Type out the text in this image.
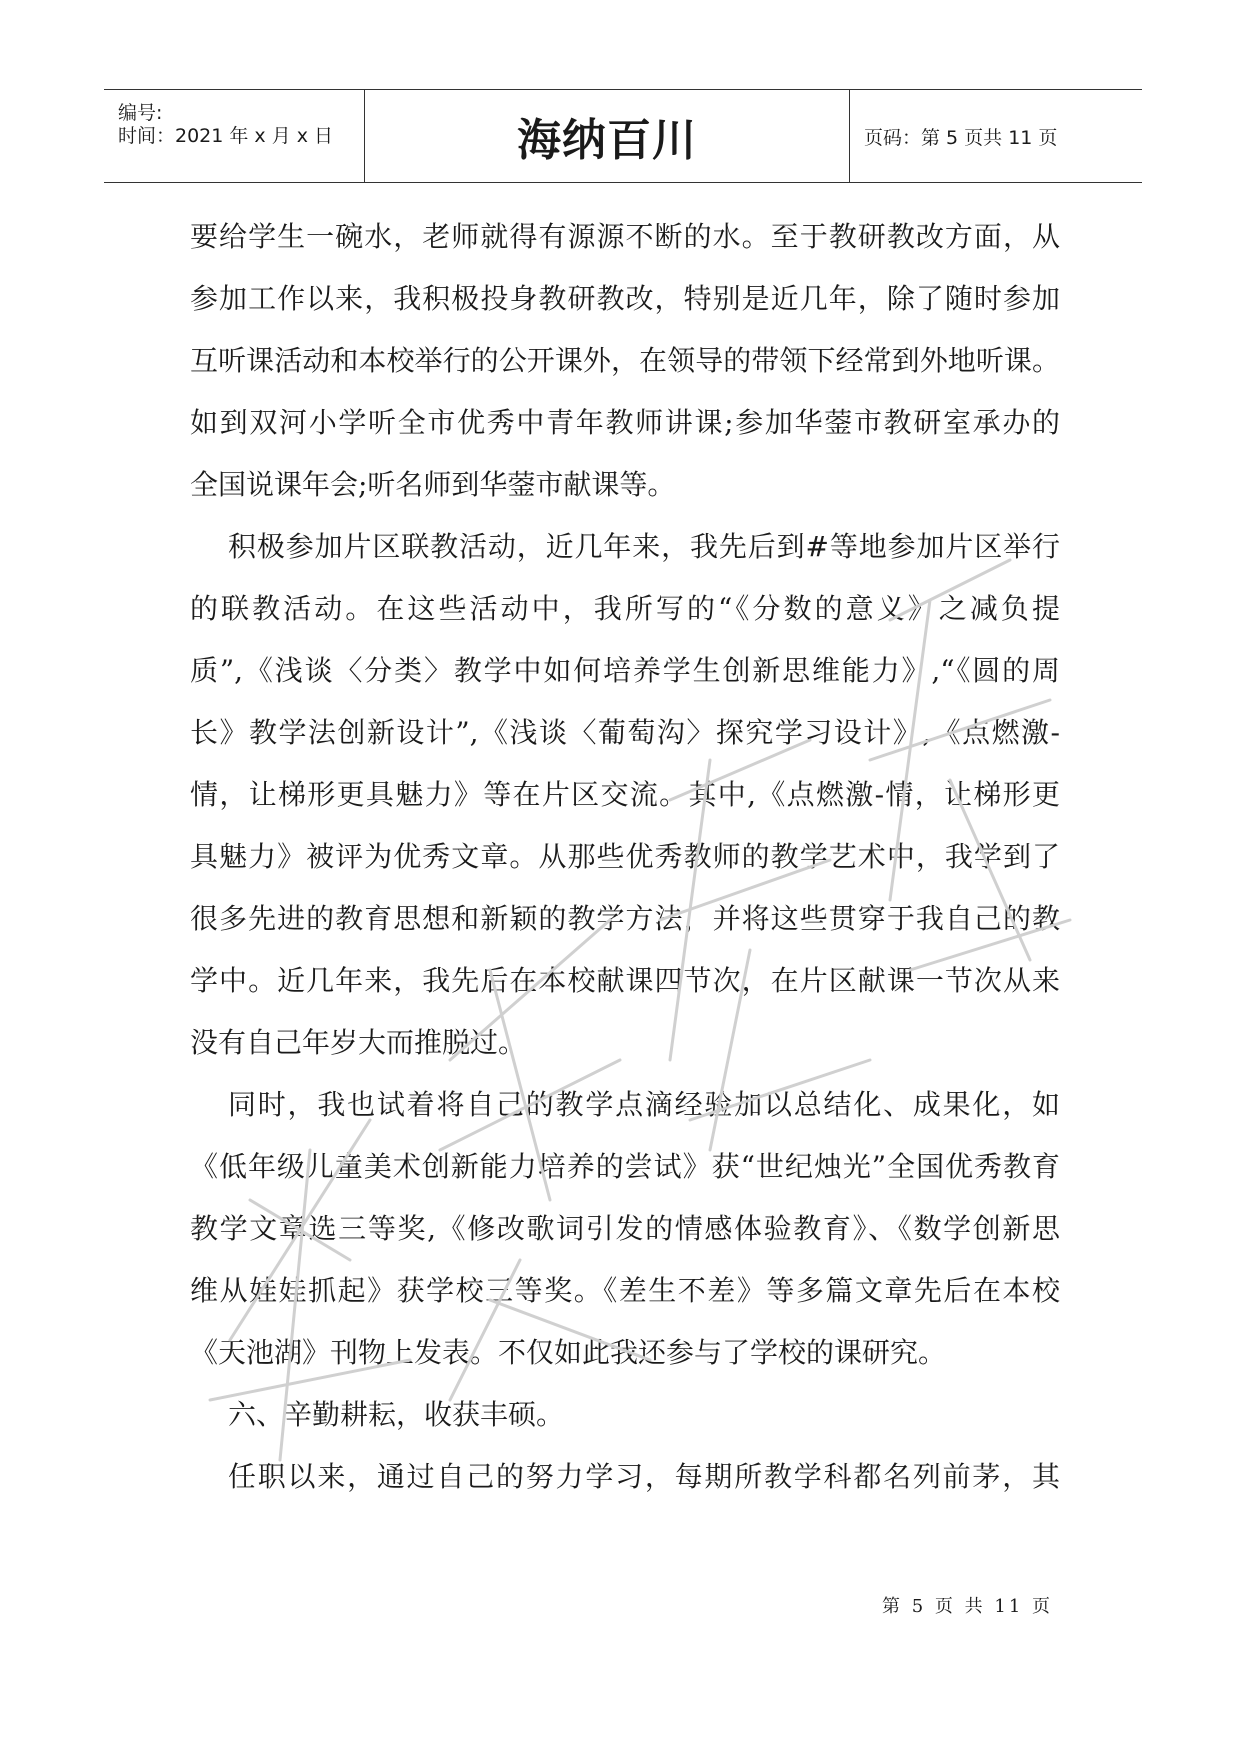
编号:
时间：2021 年 x 月 x 日	海纳百川	页码：第 5 页共 11 页
要给学生一碗水，老师就得有源源不断的水。至于教研教改方面，从
参加工作以来，我积极投身教研教改，特别是近几年，除了随时参加
互听课活动和本校举行的公开课外，在领导的带领下经常到外地听课。
如到双河小学听全市优秀中青年教师讲课;参加华蓥市教研室承办的
全国说课年会;听名师到华蓥市献课等。
积极参加片区联教活动，近几年来，我先后到#等地参加片区举行
的联教活动。在这些活动中，我所写的“《分数的意义》之减负提
质”,《浅谈〈分类〉教学中如何培养学生创新思维能力》,“《圆的周
长》教学法创新设计”,《浅谈〈葡萄沟〉探究学习设计》,《点燃激-
情，让梯形更具魅力》等在片区交流。其中,《点燃激-情，让梯形更
具魅力》被评为优秀文章。从那些优秀教师的教学艺术中，我学到了
很多先进的教育思想和新颖的教学方法，并将这些贯穿于我自己的教
学中。近几年来，我先后在本校献课四节次，在片区献课一节次从来
没有自己年岁大而推脱过。
同时，我也试着将自己的教学点滴经验加以总结化、成果化，如
《低年级儿童美术创新能力培养的尝试》获“世纪烛光”全国优秀教育
教学文章选三等奖,《修改歌词引发的情感体验教育》、《数学创新思
维从娃娃抓起》获学校三等奖。《差生不差》等多篇文章先后在本校
《天池湖》刊物上发表。不仅如此我还参与了学校的课研究。
六、辛勤耕耘，收获丰硕。
任职以来，通过自己的努力学习，每期所教学科都名列前茅，其
第 5 页 共 11 页
